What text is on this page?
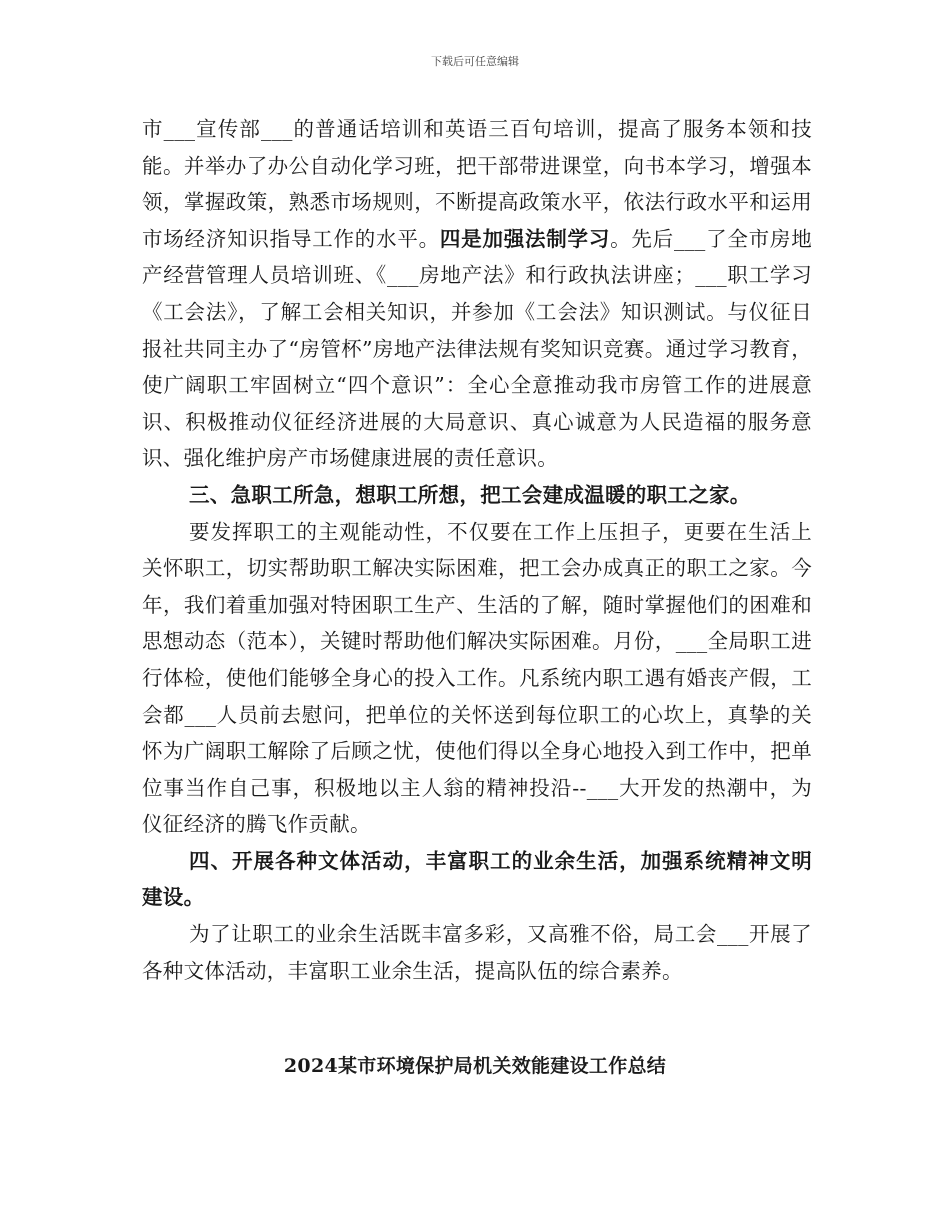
下载后可任意编辑

市___宣传部___的普通话培训和英语三百句培训，提高了服务本领和技能。并举办了办公自动化学习班，把干部带进课堂，向书本学习，增强本领，掌握政策，熟悉市场规则，不断提高政策水平，依法行政水平和运用市场经济知识指导工作的水平。四是加强法制学习。先后___了全市房地产经营管理人员培训班、《___房地产法》和行政执法讲座；___职工学习《工会法》，了解工会相关知识，并参加《工会法》知识测试。与仪征日报社共同主办了“房管杯”房地产法律法规有奖知识竞赛。通过学习教育，使广阔职工牢固树立“四个意识”：全心全意推动我市房管工作的进展意识、积极推动仪征经济进展的大局意识、真心诚意为人民造福的服务意识、强化维护房产市场健康进展的责任意识。

三、急职工所急，想职工所想，把工会建成温暖的职工之家。

要发挥职工的主观能动性，不仅要在工作上压担子，更要在生活上关怀职工，切实帮助职工解决实际困难，把工会办成真正的职工之家。今年，我们着重加强对特困职工生产、生活的了解，随时掌握他们的困难和思想动态（范本），关键时帮助他们解决实际困难。月份，___全局职工进行体检，使他们能够全身心的投入工作。凡系统内职工遇有婚丧产假，工会都___人员前去慰问，把单位的关怀送到每位职工的心坎上，真挚的关怀为广阔职工解除了后顾之忧，使他们得以全身心地投入到工作中，把单位事当作自己事，积极地以主人翁的精神投沿--___大开发的热潮中，为仪征经济的腾飞作贡献。

四、开展各种文体活动，丰富职工的业余生活，加强系统精神文明建设。

为了让职工的业余生活既丰富多彩，又高雅不俗，局工会___开展了各种文体活动，丰富职工业余生活，提高队伍的综合素养。

2024某市环境保护局机关效能建设工作总结
